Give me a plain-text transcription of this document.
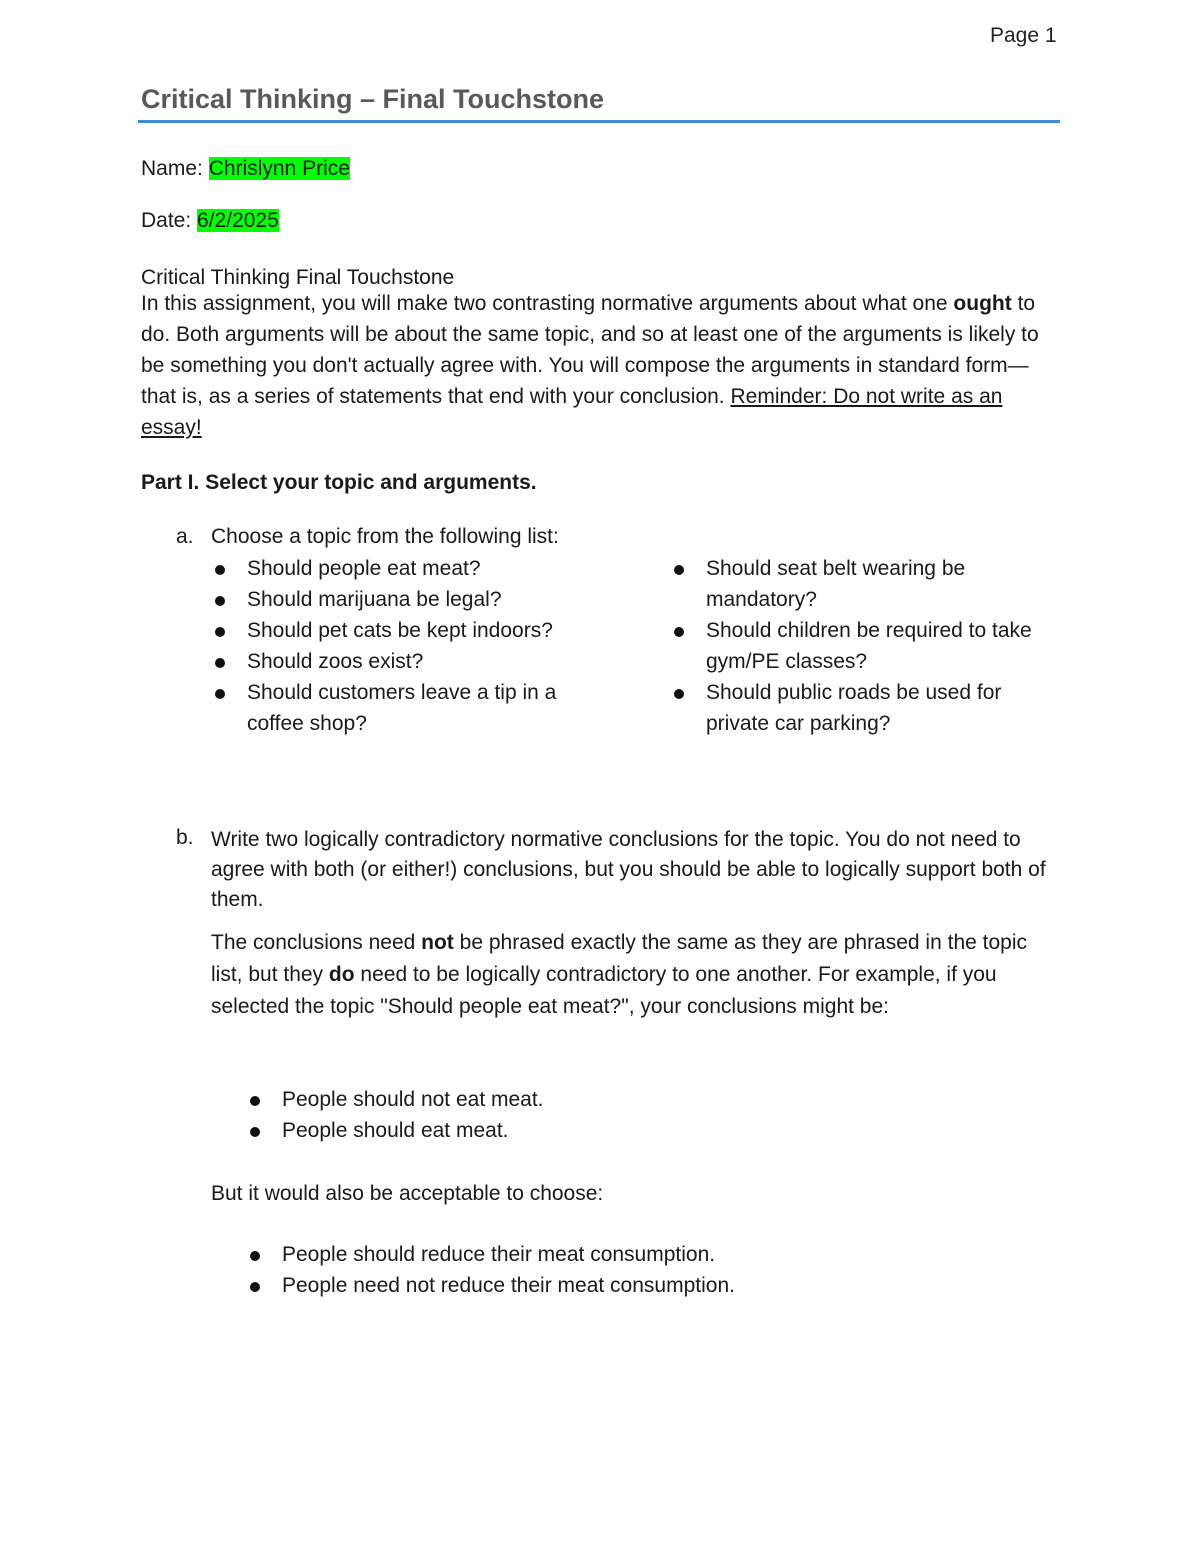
Page 1
Critical Thinking – Final Touchstone
Name: Chrislynn Price
Date: 6/2/2025
Critical Thinking Final Touchstone

In this assignment, you will make two contrasting normative arguments about what one ought to do. Both arguments will be about the same topic, and so at least one of the arguments is likely to be something you don't actually agree with. You will compose the arguments in standard form—that is, as a series of statements that end with your conclusion. Reminder: Do not write as an essay!

Part I. Select your topic and arguments.
a. Choose a topic from the following list:
Should people eat meat?
Should marijuana be legal?
Should pet cats be kept indoors?
Should zoos exist?
Should customers leave a tip in a coffee shop?
Should seat belt wearing be mandatory?
Should children be required to take gym/PE classes?
Should public roads be used for private car parking?
b. Write two logically contradictory normative conclusions for the topic. You do not need to agree with both (or either!) conclusions, but you should be able to logically support both of them.

The conclusions need not be phrased exactly the same as they are phrased in the topic list, but they do need to be logically contradictory to one another. For example, if you selected the topic "Should people eat meat?", your conclusions might be:

People should not eat meat.
People should eat meat.
But it would also be acceptable to choose:
People should reduce their meat consumption.
People need not reduce their meat consumption.
